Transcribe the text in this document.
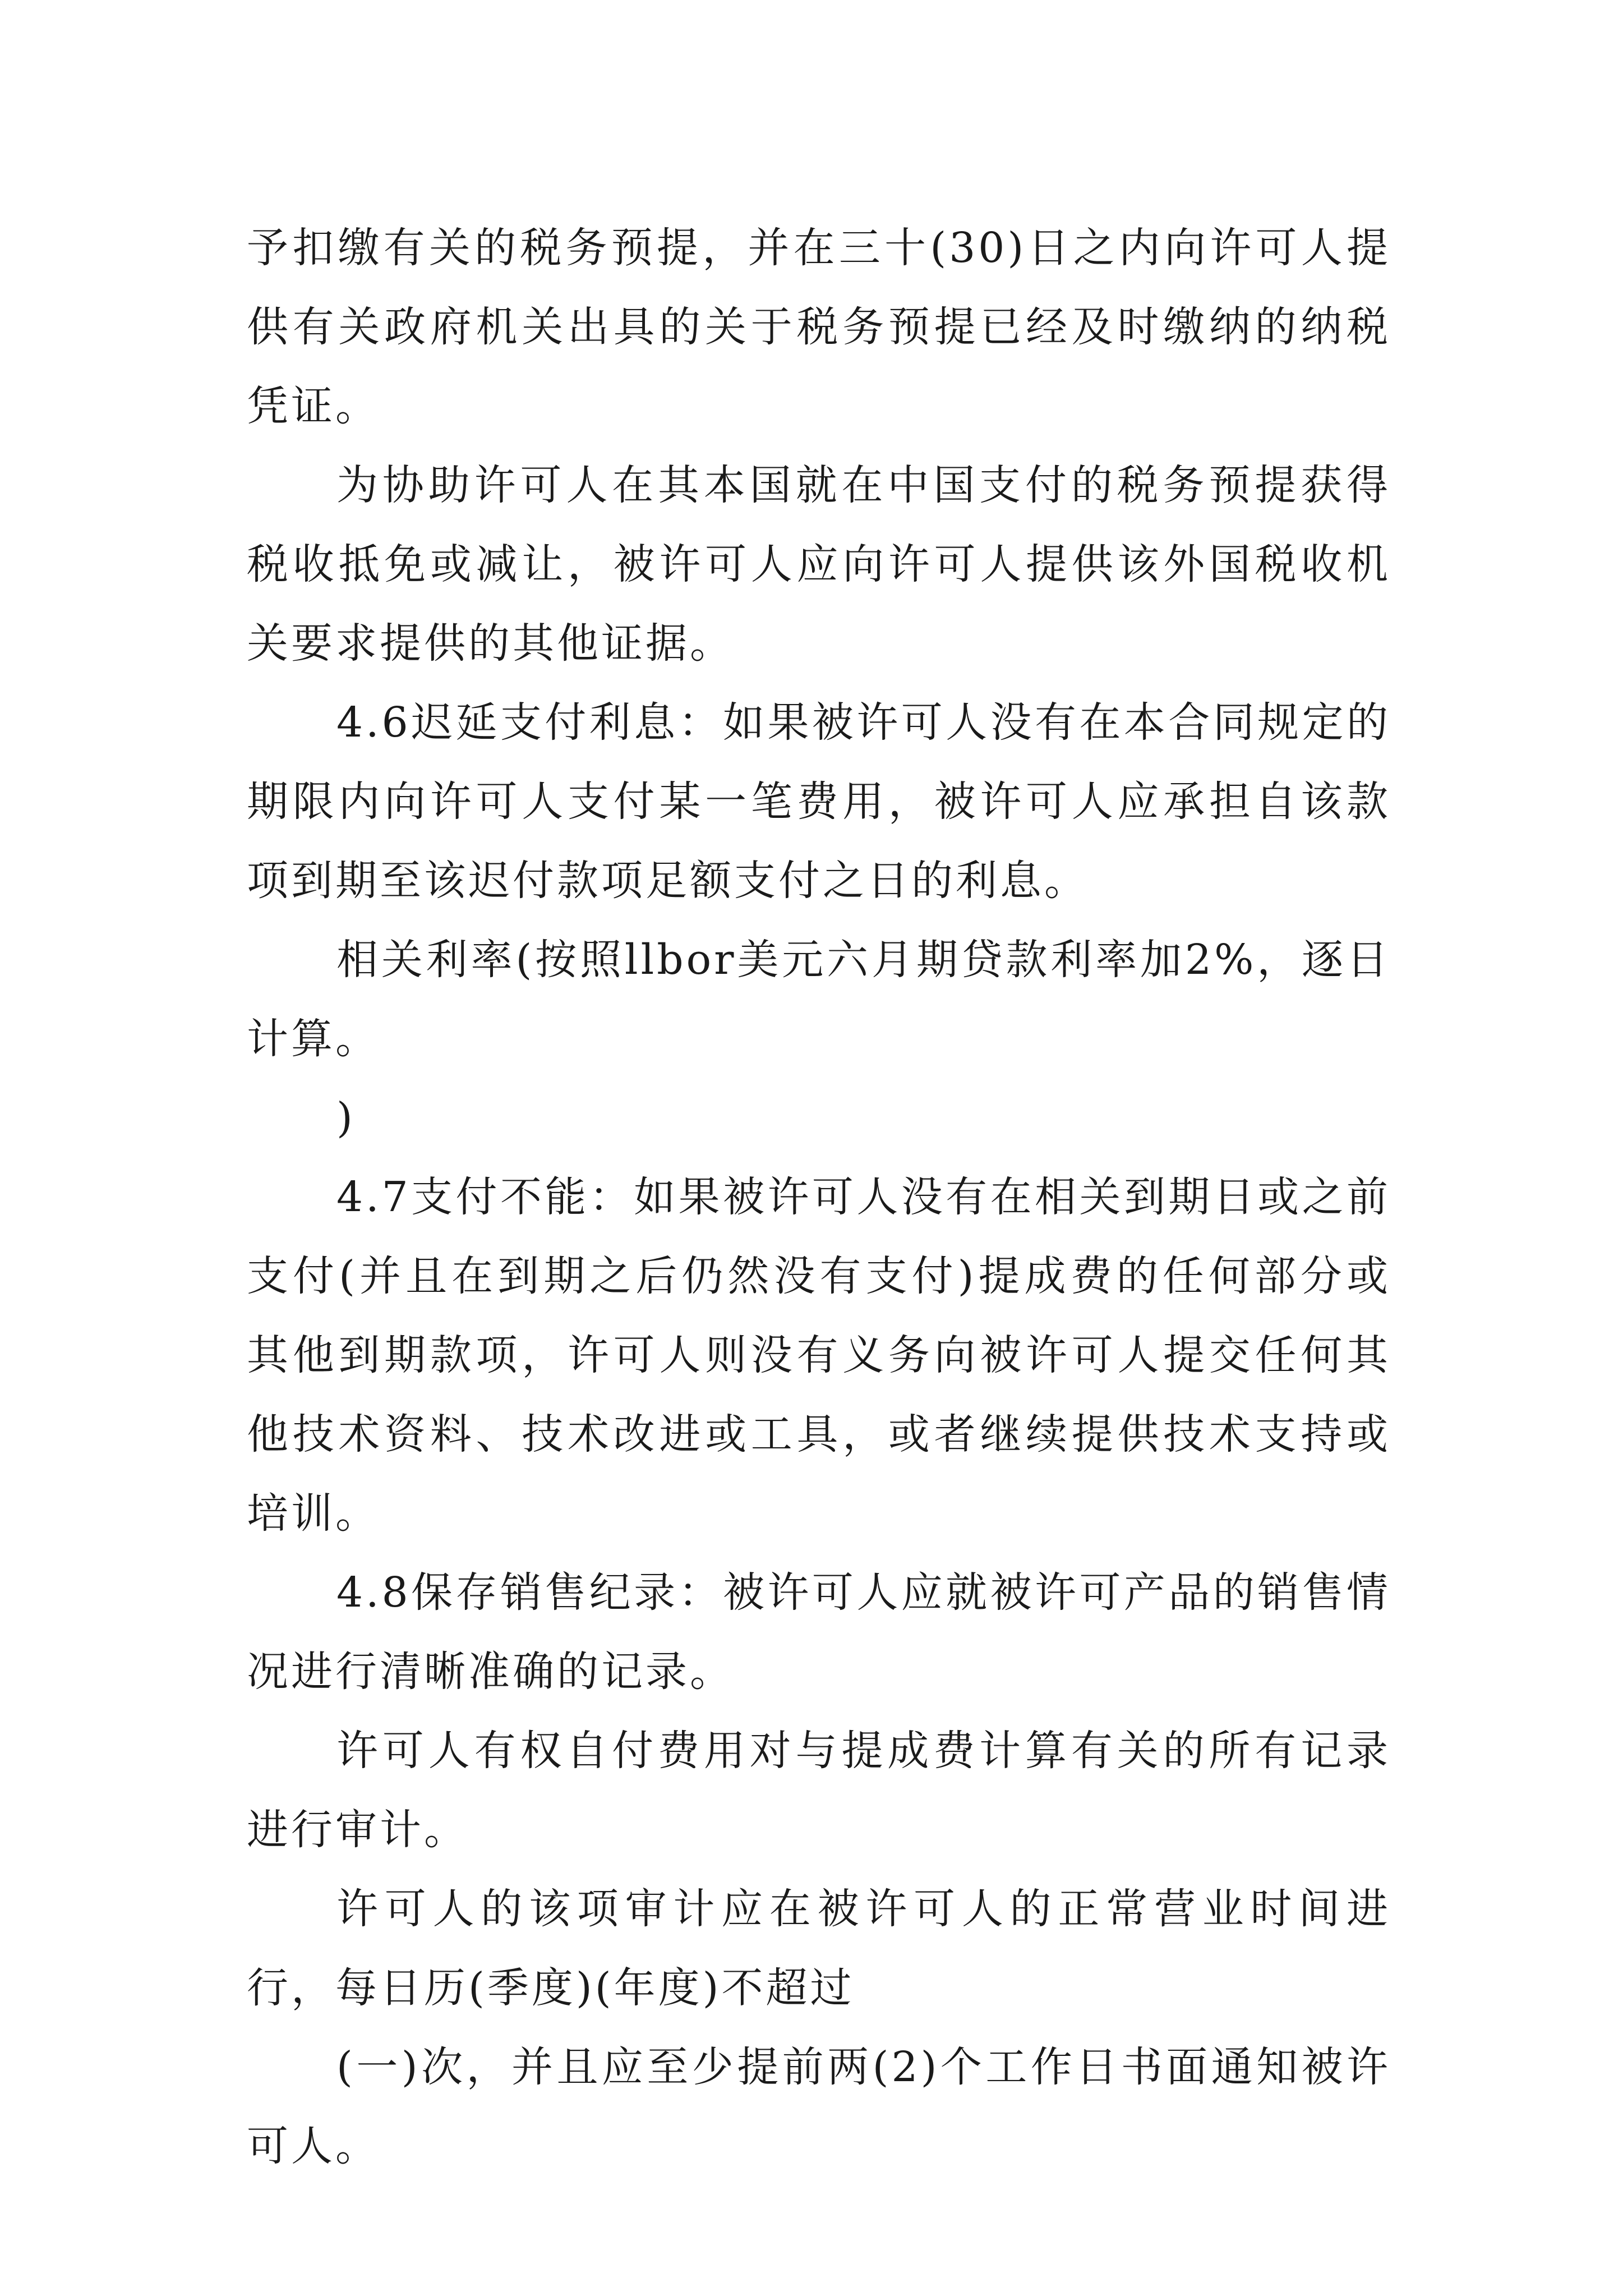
予扣缴有关的税务预提，并在三十(30)日之内向许可人提供有关政府机关出具的关于税务预提已经及时缴纳的纳税凭证。

为协助许可人在其本国就在中国支付的税务预提获得税收抵免或减让，被许可人应向许可人提供该外国税收机关要求提供的其他证据。

4.6迟延支付利息：如果被许可人没有在本合同规定的期限内向许可人支付某一笔费用，被许可人应承担自该款项到期至该迟付款项足额支付之日的利息。

相关利率(按照llbor美元六月期贷款利率加2%，逐日计算。

)

4.7支付不能：如果被许可人没有在相关到期日或之前支付(并且在到期之后仍然没有支付)提成费的任何部分或其他到期款项，许可人则没有义务向被许可人提交任何其他技术资料、技术改进或工具，或者继续提供技术支持或培训。

4.8保存销售纪录：被许可人应就被许可产品的销售情况进行清晰准确的记录。

许可人有权自付费用对与提成费计算有关的所有记录进行审计。

许可人的该项审计应在被许可人的正常营业时间进行，每日历(季度)(年度)不超过

(一)次，并且应至少提前两(2)个工作日书面通知被许可人。
